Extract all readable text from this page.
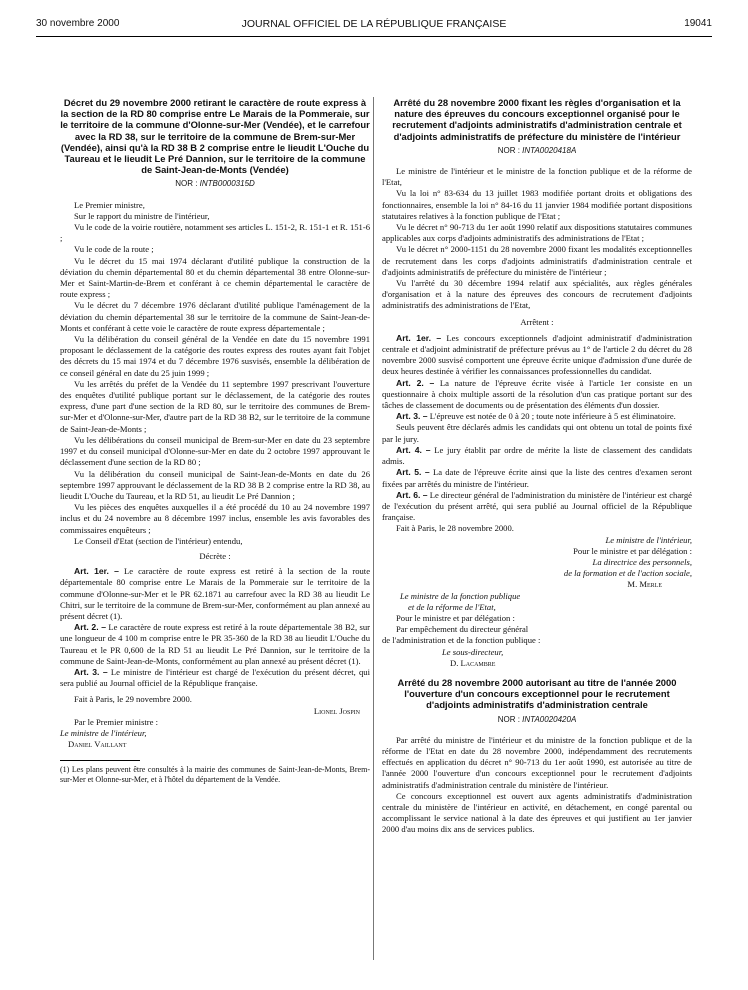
30 novembre 2000	JOURNAL OFFICIEL DE LA RÉPUBLIQUE FRANÇAISE	19041
Décret du 29 novembre 2000 retirant le caractère de route express à la section de la RD 80 comprise entre Le Marais de la Pommeraie, sur le territoire de la commune d'Olonne-sur-Mer (Vendée), et le carrefour avec la RD 38, sur le territoire de la commune de Brem-sur-Mer (Vendée), ainsi qu'à la RD 38 B 2 comprise entre le lieudit L'Ouche du Taureau et le lieudit Le Pré Dannion, sur le territoire de la commune de Saint-Jean-de-Monts (Vendée)
NOR : INTB0000315D

Le Premier ministre,

Sur le rapport du ministre de l'intérieur,

Vu le code de la voirie routière, notamment ses articles L. 151-2, R. 151-1 et R. 151-6 ;

Vu le code de la route ;

Vu le décret du 15 mai 1974 déclarant d'utilité publique la construction de la déviation du chemin départemental 80 et du chemin départemental 38 entre Olonne-sur-Mer et Saint-Martin-de-Brem et conférant à ce chemin départemental le caractère de route express ;

Vu le décret du 7 décembre 1976 déclarant d'utilité publique l'aménagement de la déviation du chemin départemental 38 sur le territoire de la commune de Saint-Jean-de-Monts et conférant à cette voie le caractère de route express départementale ;

Vu la délibération du conseil général de la Vendée en date du 15 novembre 1991 proposant le déclassement de la catégorie des routes express des routes ayant fait l'objet des décrets du 15 mai 1974 et du 7 décembre 1976 susvisés, ensemble la délibération de ce conseil général en date du 25 juin 1999 ;

Vu les arrêtés du préfet de la Vendée du 11 septembre 1997 prescrivant l'ouverture des enquêtes d'utilité publique portant sur le déclassement, de la catégorie des routes express, d'une part d'une section de la RD 80, sur le territoire des communes de Brem-sur-Mer et d'Olonne-sur-Mer, d'autre part de la RD 38 B2, sur le territoire de la commune de Saint-Jean-de-Monts ;

Vu les délibérations du conseil municipal de Brem-sur-Mer en date du 23 septembre 1997 et du conseil municipal d'Olonne-sur-Mer en date du 2 octobre 1997 approuvant le déclassement d'une section de la RD 80 ;

Vu la délibération du conseil municipal de Saint-Jean-de-Monts en date du 26 septembre 1997 approuvant le déclassement de la RD 38 B 2 comprise entre la RD 38, au lieudit L'Ouche du Taureau, et la RD 51, au lieudit Le Pré Dannion ;

Vu les pièces des enquêtes auxquelles il a été procédé du 10 au 24 novembre 1997 inclus et du 24 novembre au 8 décembre 1997 inclus, ensemble les avis favorables des commissaires enquêteurs ;

Le Conseil d'Etat (section de l'intérieur) entendu,

Décrète :

Art. 1er. – Le caractère de route express est retiré à la section de la route départementale 80 comprise entre Le Marais de la Pommeraie sur le territoire de la commune d'Olonne-sur-Mer et le PR 62.1871 au carrefour avec la RD 38 au lieudit Le Chitri, sur le territoire de la commune de Brem-sur-Mer, conformément au plan annexé au présent décret (1).

Art. 2. – Le caractère de route express est retiré à la route départementale 38 B2, sur une longueur de 4 100 m comprise entre le PR 35-360 de la RD 38 au lieudit L'Ouche du Taureau et le PR 0,600 de la RD 51 au lieudit Le Pré Dannion, sur le territoire de la commune de Saint-Jean-de-Monts, conformément au plan annexé au présent décret (1).

Art. 3. – Le ministre de l'intérieur est chargé de l'exécution du présent décret, qui sera publié au Journal officiel de la République française.

Fait à Paris, le 29 novembre 2000.

Lionel Jospin

Par le Premier ministre :

Le ministre de l'intérieur,

Daniel Vaillant

(1) Les plans peuvent être consultés à la mairie des communes de Saint-Jean-de-Monts, Brem-sur-Mer et Olonne-sur-Mer, et à l'hôtel du département de la Vendée.

Arrêté du 28 novembre 2000 fixant les règles d'organisation et la nature des épreuves du concours exceptionnel organisé pour le recrutement d'adjoints administratifs d'administration centrale et d'adjoints administratifs de préfecture du ministère de l'intérieur
NOR : INTA0020418A

Le ministre de l'intérieur et le ministre de la fonction publique et de la réforme de l'Etat,

Vu la loi n° 83-634 du 13 juillet 1983 modifiée portant droits et obligations des fonctionnaires, ensemble la loi n° 84-16 du 11 janvier 1984 modifiée portant dispositions statutaires relatives à la fonction publique de l'Etat ;

Vu le décret n° 90-713 du 1er août 1990 relatif aux dispositions statutaires communes applicables aux corps d'adjoints administratifs des administrations de l'Etat ;

Vu le décret n° 2000-1151 du 28 novembre 2000 fixant les modalités exceptionnelles de recrutement dans les corps d'adjoints administratifs d'administration centrale et d'adjoints administratifs de préfecture du ministère de l'intérieur ;

Vu l'arrêté du 30 décembre 1994 relatif aux spécialités, aux règles générales d'organisation et à la nature des épreuves des concours de recrutement d'adjoints administratifs des administrations de l'Etat,

Arrêtent :

Art. 1er. – Les concours exceptionnels d'adjoint administratif d'administration centrale et d'adjoint administratif de préfecture prévus au 1° de l'article 2 du décret du 28 novembre 2000 susvisé comportent une épreuve écrite unique d'admission d'une durée de deux heures destinée à vérifier les connaissances professionnelles du candidat.

Art. 2. – La nature de l'épreuve écrite visée à l'article 1er consiste en un questionnaire à choix multiple assorti de la résolution d'un cas pratique portant sur des tâches de classement de documents ou de présentation des éléments d'un dossier.

Art. 3. – L'épreuve est notée de 0 à 20 ; toute note inférieure à 5 est éliminatoire.

Seuls peuvent être déclarés admis les candidats qui ont obtenu un total de points fixé par le jury.

Art. 4. – Le jury établit par ordre de mérite la liste de classement des candidats admis.

Art. 5. – La date de l'épreuve écrite ainsi que la liste des centres d'examen seront fixées par arrêtés du ministre de l'intérieur.

Art. 6. – Le directeur général de l'administration du ministère de l'intérieur est chargé de l'exécution du présent arrêté, qui sera publié au Journal officiel de la République française.

Fait à Paris, le 28 novembre 2000.

Le ministre de l'intérieur,

Pour le ministre et par délégation :

La directrice des personnels,

de la formation et de l'action sociale,

M. Merle

Le ministre de la fonction publique

et de la réforme de l'Etat,

Pour le ministre et par délégation :

Par empêchement du directeur général

de l'administration et de la fonction publique :

Le sous-directeur,

D. Lacambre

Arrêté du 28 novembre 2000 autorisant au titre de l'année 2000 l'ouverture d'un concours exceptionnel pour le recrutement d'adjoints administratifs d'administration centrale
NOR : INTA0020420A

Par arrêté du ministre de l'intérieur et du ministre de la fonction publique et de la réforme de l'Etat en date du 28 novembre 2000, indépendamment des recrutements effectués en application du décret n° 90-713 du 1er août 1990, est autorisée au titre de l'année 2000 l'ouverture d'un concours exceptionnel pour le recrutement d'adjoints administratifs d'administration centrale du ministère de l'intérieur.

Ce concours exceptionnel est ouvert aux agents administratifs d'administration centrale du ministère de l'intérieur en activité, en détachement, en congé parental ou accomplissant le service national à la date des épreuves et qui justifient au 1er janvier 2000 d'au moins dix ans de services publics.
